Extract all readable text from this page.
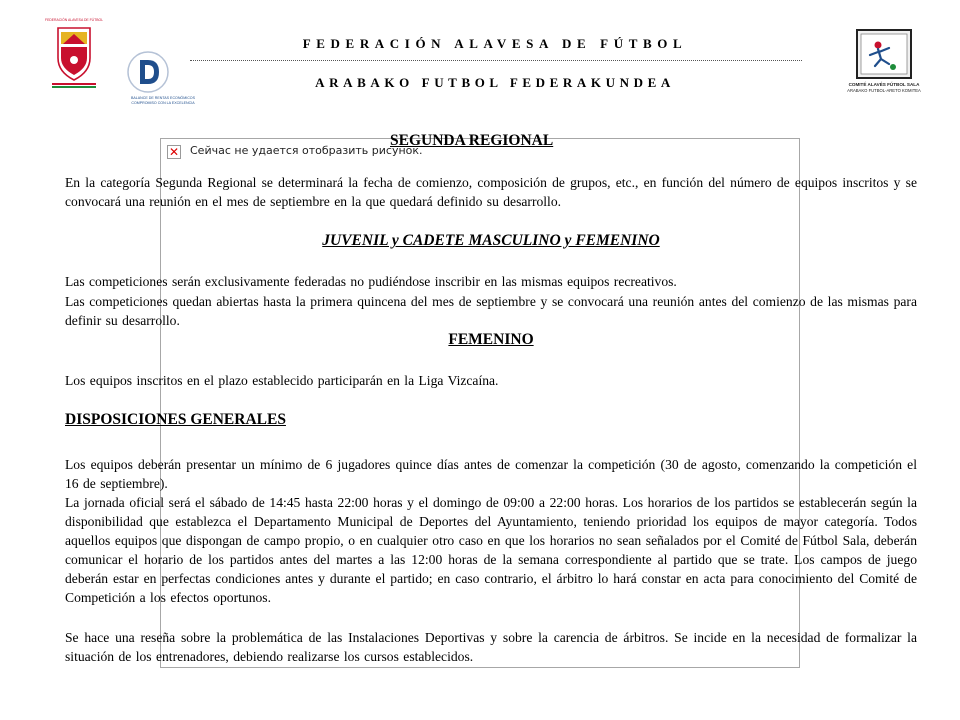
FEDERACIÓN ALAVESA DE FÚTBOL
BALANCE DE RENTAS ECONÓMICOS
COMPROMISO CON LA EXCELENCIA
COMITÉ ALAVÉS FÚTBOL SALA
ARABAKO FUTBOL-ARETO KOMITEA
FEDERACIÓN ALAVESA DE FÚTBOL
ARABAKO FUTBOL FEDERAKUNDEA
✕ Сейчас не удается отобразить рисунок.
SEGUNDA REGIONAL
En la categoría Segunda Regional se determinará la fecha de comienzo, composición de grupos, etc., en función del número de equipos inscritos y se convocará una reunión en el mes de septiembre en la que quedará definido su desarrollo.
JUVENIL y CADETE MASCULINO y FEMENINO
Las competiciones serán exclusivamente federadas no pudiéndose inscribir en las mismas equipos recreativos.
Las competiciones quedan abiertas hasta la primera quincena del mes de septiembre y se convocará una reunión antes del comienzo de las mismas para definir su desarrollo.
FEMENINO
Los equipos inscritos en el plazo establecido participarán en la Liga Vizcaína.
DISPOSICIONES GENERALES
Los equipos deberán presentar un mínimo de 6 jugadores quince días antes de comenzar la competición (30 de agosto, comenzando la competición el 16 de septiembre).
La jornada oficial será el sábado de 14:45 hasta 22:00 horas y el domingo de 09:00 a 22:00 horas. Los horarios de los partidos se establecerán según la disponibilidad que establezca el Departamento Municipal de Deportes del Ayuntamiento, teniendo prioridad los equipos de mayor categoría. Todos aquellos equipos que dispongan de campo propio, o en cualquier otro caso en que los horarios no sean señalados por el Comité de Fútbol Sala, deberán comunicar el horario de los partidos antes del martes a las 12:00 horas de la semana correspondiente al partido que se trate. Los campos de juego deberán estar en perfectas condiciones antes y durante el partido; en caso contrario, el árbitro lo hará constar en acta para conocimiento del Comité de Competición a los efectos oportunos.
Se hace una reseña sobre la problemática de las Instalaciones Deportivas y sobre la carencia de árbitros. Se incide en la necesidad de formalizar la situación de los entrenadores, debiendo realizarse los cursos establecidos.
